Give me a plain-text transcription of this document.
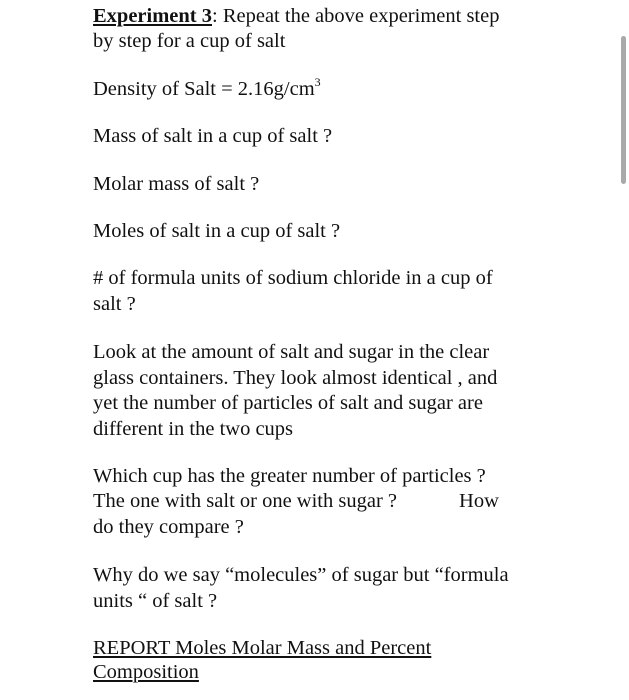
Experiment 3: Repeat the above experiment step

by step for a cup of salt

Density of Salt = $2.16g/cm^3$

Mass of salt in a cup of salt ?

Molar mass of salt ?

Moles of salt in a cup of salt ?

# of formula units of sodium chloride in a cup of

salt ?

Look at the amount of salt and sugar in the clear

glass containers. They look almost identical , and

yet the number of particles of salt and sugar are

different in the two cups

Which cup has the greater number of particles ?

The one with salt or one with sugar ?	How

do they compare ?

Why do we say “molecules” of sugar but “formula

units “ of salt ?

REPORT Moles Molar Mass and Percent

Composition
